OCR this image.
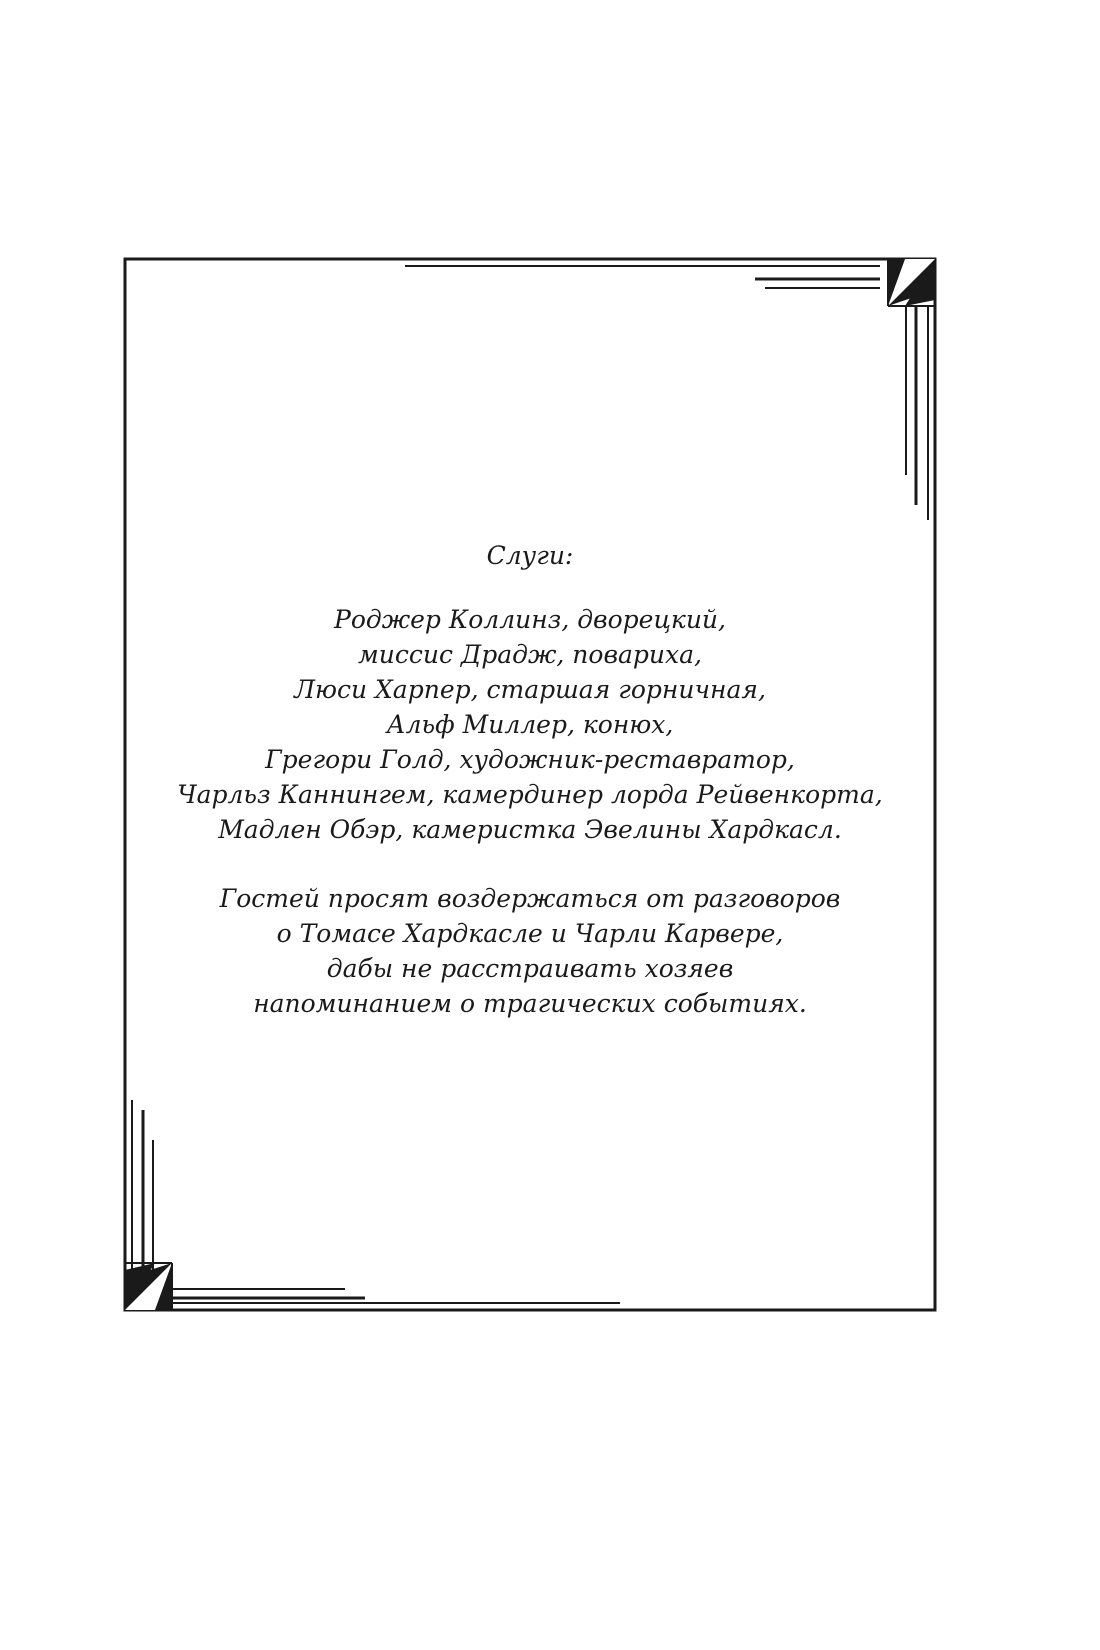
Слуги:
Роджер Коллинз, дворецкий,
миссис Драдж, повариха,
Люси Харпер, старшая горничная,
Альф Миллер, конюх,
Грегори Голд, художник-реставратор,
Чарльз Каннингем, камердинер лорда Рейвенкорта,
Мадлен Обэр, камеристка Эвелины Хардкасл.
Гостей просят воздержаться от разговоров
о Томасе Хардкасле и Чарли Карвере,
дабы не расстраивать хозяев
напоминанием о трагических событиях.
